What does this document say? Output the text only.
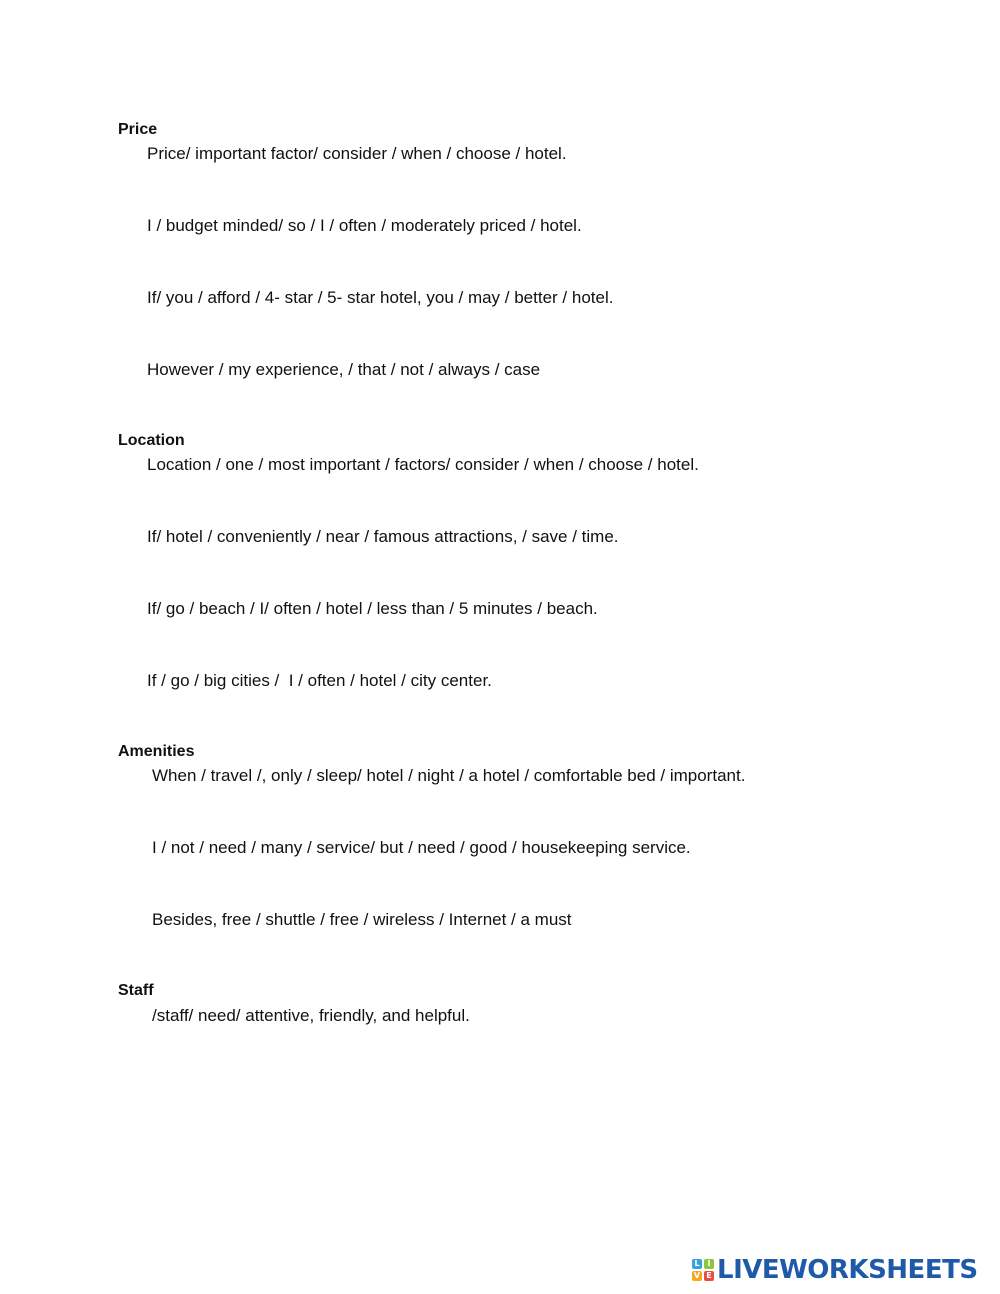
Price

Price/ important factor/ consider / when / choose / hotel.

I / budget minded/ so / I / often / moderately priced / hotel.

If/ you / afford / 4- star / 5- star hotel, you / may / better / hotel.

However / my experience, / that / not / always / case

Location

Location / one / most important / factors/ consider / when / choose / hotel.

If/ hotel / conveniently / near / famous attractions, / save / time.

If/ go / beach / I/ often / hotel / less than / 5 minutes / beach.

If / go / big cities /  I / often / hotel / city center.

Amenities

When / travel /, only / sleep/ hotel / night / a hotel / comfortable bed / important.

I / not / need / many / service/ but / need / good / housekeeping service.

Besides, free / shuttle / free / wireless / Internet / a must

Staff

/staff/ need/ attentive, friendly, and helpful.

L I
V E LIVEWORKSHEETS
